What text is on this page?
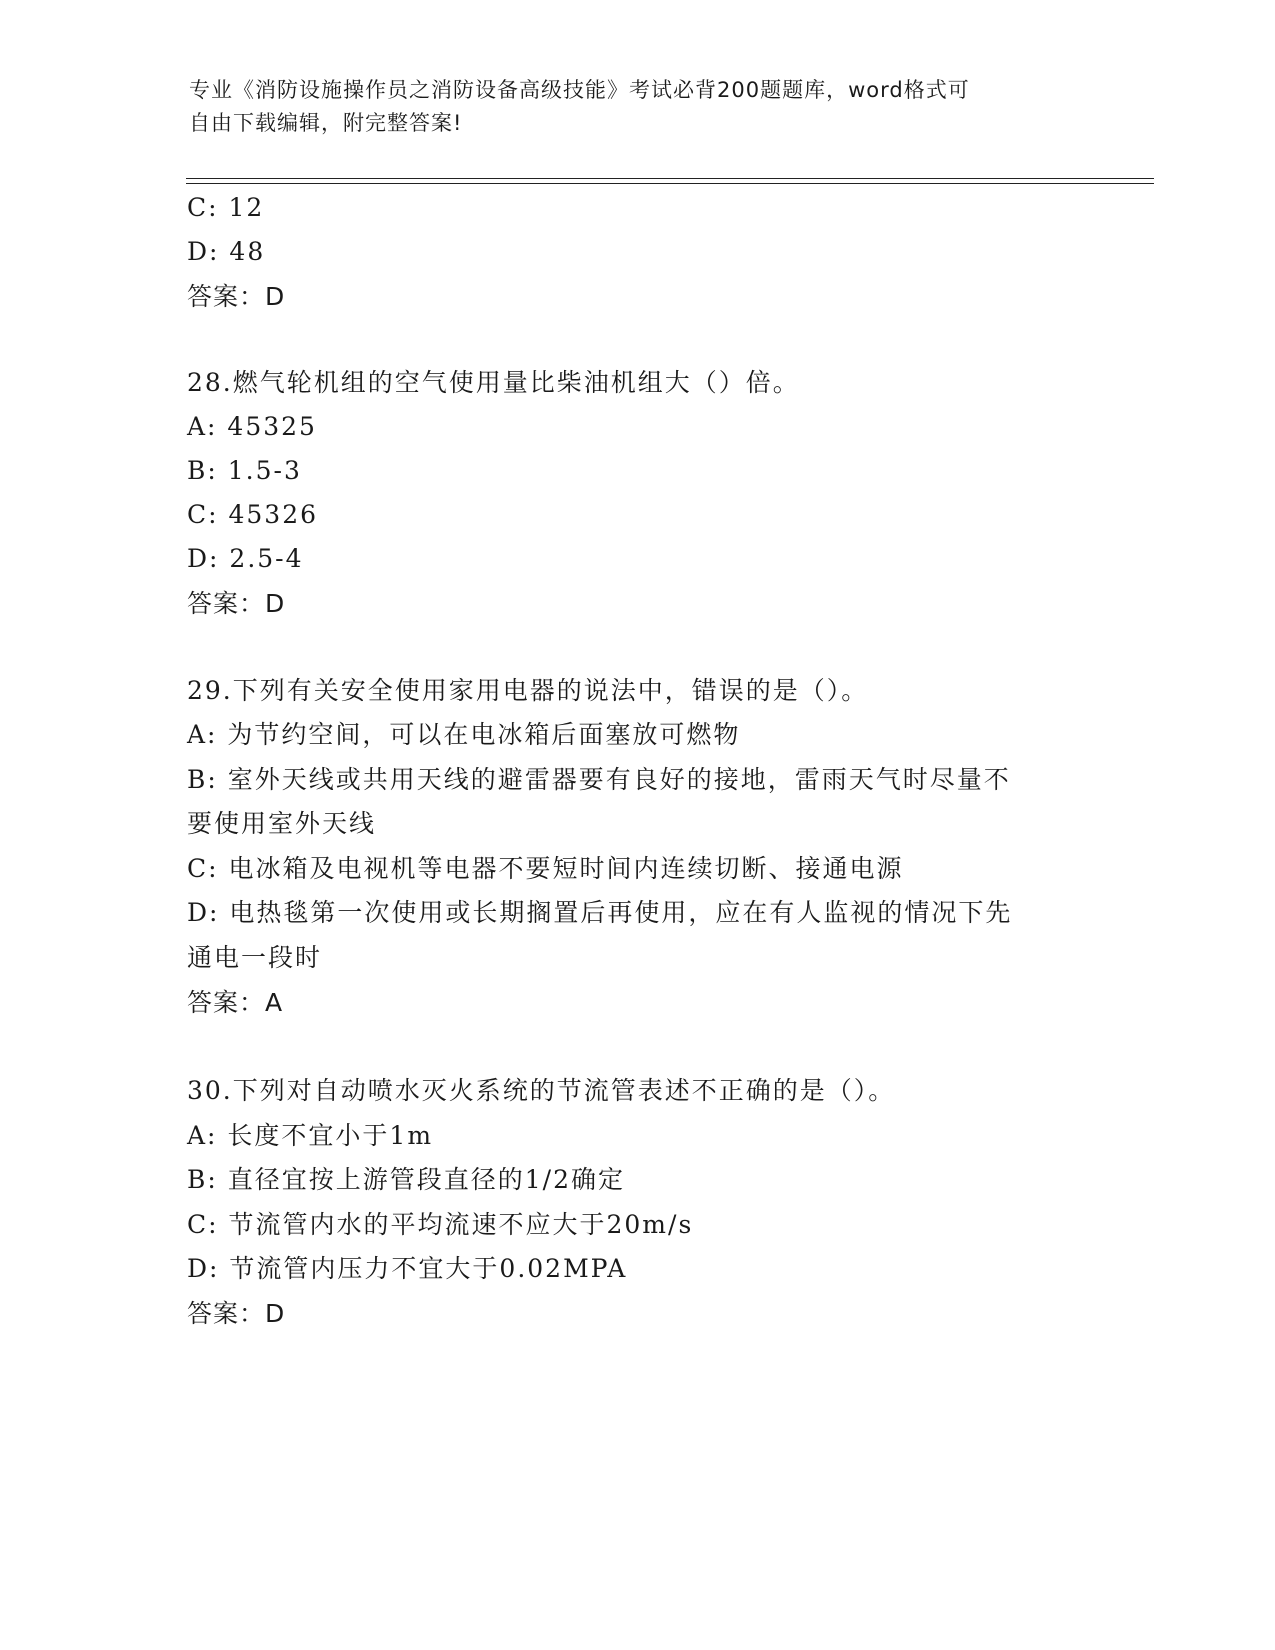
专业《消防设施操作员之消防设备高级技能》考试必背200题题库，word格式可
自由下载编辑，附完整答案!
C: 12
D: 48
答案：D
28.燃气轮机组的空气使用量比柴油机组大（）倍。
A: 45325
B: 1.5-3
C: 45326
D: 2.5-4
答案：D
29.下列有关安全使用家用电器的说法中，错误的是（）。
A: 为节约空间，可以在电冰箱后面塞放可燃物
B: 室外天线或共用天线的避雷器要有良好的接地，雷雨天气时尽量不
要使用室外天线
C: 电冰箱及电视机等电器不要短时间内连续切断、接通电源
D: 电热毯第一次使用或长期搁置后再使用，应在有人监视的情况下先
通电一段时
答案：A
30.下列对自动喷水灭火系统的节流管表述不正确的是（）。
A: 长度不宜小于1m
B: 直径宜按上游管段直径的1/2确定
C: 节流管内水的平均流速不应大于20m/s
D: 节流管内压力不宜大于0.02MPA
答案：D
